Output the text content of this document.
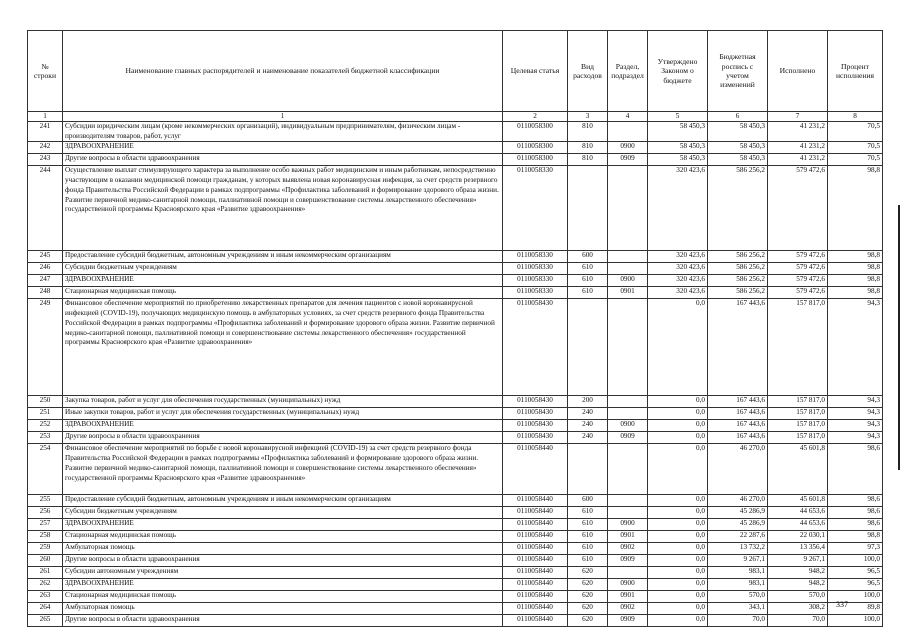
№ строки	Наименование главных распорядителей и наименование показателей бюджетной классификации	Целевая статья	Вид расходов	Раздел, подраздел	Утверждено Законом о бюджете	Бюджетная роспись с учетом изменений	Исполнено	Процент исполнения
1	1	2	3	4	5	6	7	8
241	Субсидии юридическим лицам (кроме некоммерческих организаций), индивидуальным предпринимателям, физическим лицам - производителям товаров, работ, услуг	0110058300	810		58 450,3	58 450,3	41 231,2	70,5
242	ЗДРАВООХРАНЕНИЕ	0110058300	810	0900	58 450,3	58 450,3	41 231,2	70,5
243	Другие вопросы в области здравоохранения	0110058300	810	0909	58 450,3	58 450,3	41 231,2	70,5
244	Осуществление выплат стимулирующего характера за выполнение особо важных работ медицинским и иным работникам, непосредственно участвующим в оказании медицинской помощи гражданам, у которых выявлена новая коронавирусная инфекция, за счет средств резервного фонда Правительства Российской Федерации в рамках подпрограммы «Профилактика заболеваний и формирование здорового образа жизни. Развитие первичной медико-санитарной помощи, паллиативной помощи и совершенствование системы лекарственного обеспечения» государственной программы Красноярского края «Развитие здравоохранения»	0110058330			320 423,6	586 256,2	579 472,6	98,8
245	Предоставление субсидий бюджетным, автономным учреждениям и иным некоммерческим организациям	0110058330	600		320 423,6	586 256,2	579 472,6	98,8
246	Субсидии бюджетным учреждениям	0110058330	610		320 423,6	586 256,2	579 472,6	98,8
247	ЗДРАВООХРАНЕНИЕ	0110058330	610	0900	320 423,6	586 256,2	579 472,6	98,8
248	Стационарная медицинская помощь	0110058330	610	0901	320 423,6	586 256,2	579 472,6	98,8
249	Финансовое обеспечение мероприятий по приобретению лекарственных препаратов для лечения пациентов с новой коронавирусной инфекцией (COVID-19), получающих медицинскую помощь в амбулаторных условиях, за счет средств резервного фонда Правительства Российской Федерации в рамках подпрограммы «Профилактика заболеваний и формирование здорового образа жизни. Развитие первичной медико-санитарной помощи, паллиативной помощи и совершенствование системы лекарственного обеспечения» государственной программы Красноярского края «Развитие здравоохранения»	0110058430			0,0	167 443,6	157 817,0	94,3
250	Закупка товаров, работ и услуг для обеспечения государственных (муниципальных) нужд	0110058430	200		0,0	167 443,6	157 817,0	94,3
251	Иные закупки товаров, работ и услуг для обеспечения государственных (муниципальных) нужд	0110058430	240		0,0	167 443,6	157 817,0	94,3
252	ЗДРАВООХРАНЕНИЕ	0110058430	240	0900	0,0	167 443,6	157 817,0	94,3
253	Другие вопросы в области здравоохранения	0110058430	240	0909	0,0	167 443,6	157 817,0	94,3
254	Финансовое обеспечение мероприятий по борьбе с новой коронавирусной инфекцией (COVID-19) за счет средств резервного фонда Правительства Российской Федерации в рамках подпрограммы «Профилактика заболеваний и формирование здорового образа жизни. Развитие первичной медико-санитарной помощи, паллиативной помощи и совершенствование системы лекарственного обеспечения» государственной программы Красноярского края «Развитие здравоохранения»	0110058440			0,0	46 270,0	45 601,8	98,6
255	Предоставление субсидий бюджетным, автономным учреждениям и иным некоммерческим организациям	0110058440	600		0,0	46 270,0	45 601,8	98,6
256	Субсидии бюджетным учреждениям	0110058440	610		0,0	45 286,9	44 653,6	98,6
257	ЗДРАВООХРАНЕНИЕ	0110058440	610	0900	0,0	45 286,9	44 653,6	98,6
258	Стационарная медицинская помощь	0110058440	610	0901	0,0	22 287,6	22 030,1	98,8
259	Амбулаторная помощь	0110058440	610	0902	0,0	13 732,2	13 356,4	97,3
260	Другие вопросы в области здравоохранения	0110058440	610	0909	0,0	9 267,1	9 267,1	100,0
261	Субсидии автономным учреждениям	0110058440	620		0,0	983,1	948,2	96,5
262	ЗДРАВООХРАНЕНИЕ	0110058440	620	0900	0,0	983,1	948,2	96,5
263	Стационарная медицинская помощь	0110058440	620	0901	0,0	570,0	570,0	100,0
264	Амбулаторная помощь	0110058440	620	0902	0,0	343,1	308,2	89,8
265	Другие вопросы в области здравоохранения	0110058440	620	0909	0,0	70,0	70,0	100,0
337
